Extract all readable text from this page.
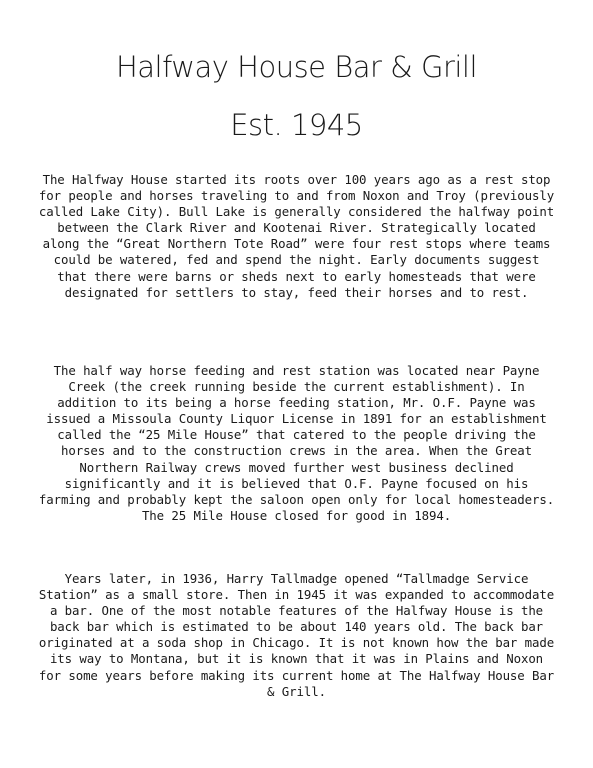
Halfway House Bar & Grill
Est. 1945

The Halfway House started its roots over 100 years ago as a rest stop for people and horses traveling to and from Noxon and Troy (previously called Lake City). Bull Lake is generally considered the halfway point between the Clark River and Kootenai River. Strategically located along the “Great Northern Tote Road” were four rest stops where teams could be watered, fed and spend the night. Early documents suggest that there were barns or sheds next to early homesteads that were designated for settlers to stay, feed their horses and to rest.

The half way horse feeding and rest station was located near Payne Creek (the creek running beside the current establishment). In addition to its being a horse feeding station, Mr. O.F. Payne was issued a Missoula County Liquor License in 1891 for an establishment called the “25 Mile House” that catered to the people driving the horses and to the construction crews in the area. When the Great Northern Railway crews moved further west business declined significantly and it is believed that O.F. Payne focused on his farming and probably kept the saloon open only for local homesteaders. The 25 Mile House closed for good in 1894.

Years later, in 1936, Harry Tallmadge opened “Tallmadge Service Station” as a small store. Then in 1945 it was expanded to accommodate a bar. One of the most notable features of the Halfway House is the back bar which is estimated to be about 140 years old. The back bar originated at a soda shop in Chicago. It is not known how the bar made its way to Montana, but it is known that it was in Plains and Noxon for some years before making its current home at The Halfway House Bar & Grill.
